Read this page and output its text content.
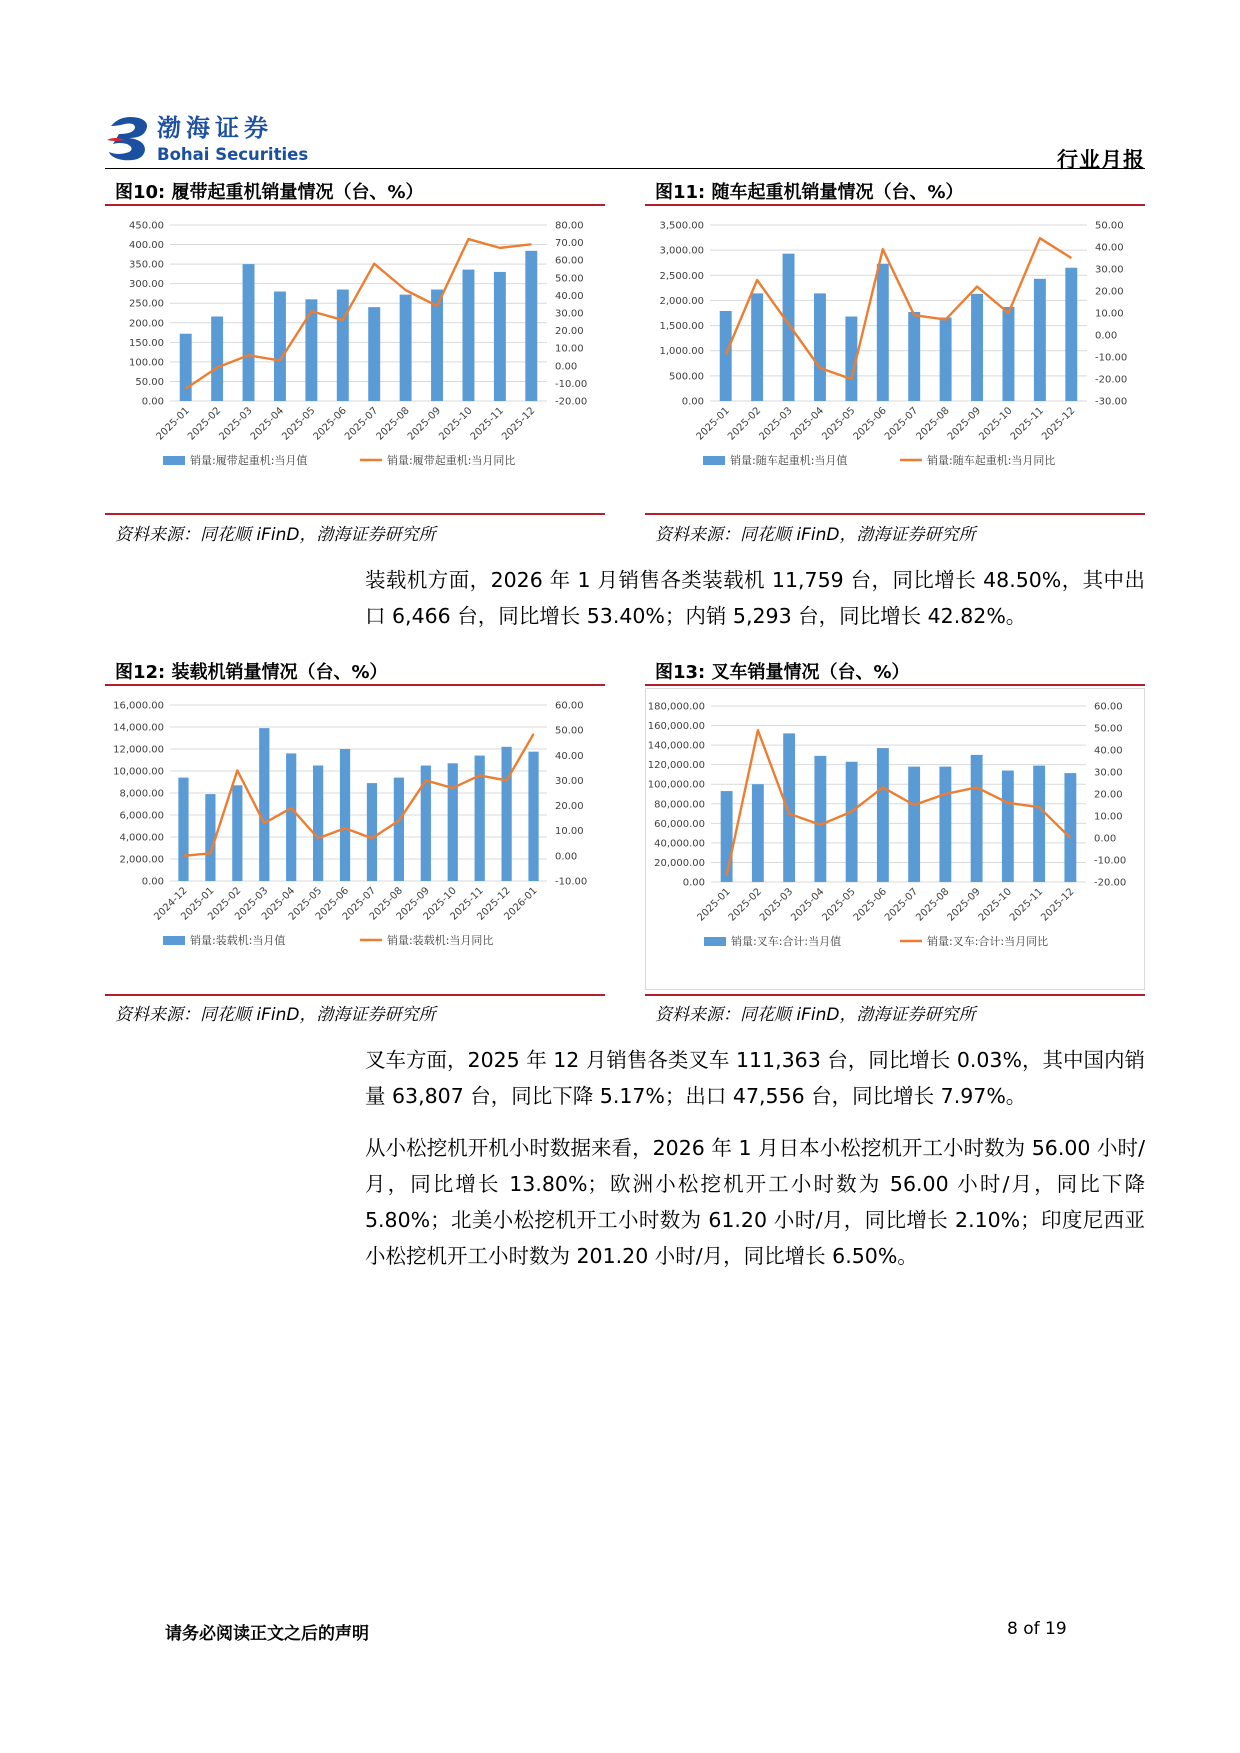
渤海证券
Bohai Securities	行业月报
图10: 履带起重机销量情况（台、%）
0.00
50.00
100.00
150.00
200.00
250.00
300.00
350.00
400.00
450.00
-20.00
-10.00
0.00
10.00
20.00
30.00
40.00
50.00
60.00
70.00
80.00
2025-01
2025-02
2025-03
2025-04
2025-05
2025-06
2025-07
2025-08
2025-09
2025-10
2025-11
2025-12
销量:履带起重机:当月值	销量:履带起重机:当月同比
资料来源：同花顺 iFinD，渤海证券研究所
图11: 随车起重机销量情况（台、%）
0.00
500.00
1,000.00
1,500.00
2,000.00
2,500.00
3,000.00
3,500.00
-30.00
-20.00
-10.00
0.00
10.00
20.00
30.00
40.00
50.00
2025-01
2025-02
2025-03
2025-04
2025-05
2025-06
2025-07
2025-08
2025-09
2025-10
2025-11
2025-12
销量:随车起重机:当月值	销量:随车起重机:当月同比
资料来源：同花顺 iFinD，渤海证券研究所
装载机方面，2026 年 1 月销售各类装载机 11,759 台，同比增长 48.50%，其中出口 6,466 台，同比增长 53.40%；内销 5,293 台，同比增长 42.82%。
图12: 装载机销量情况（台、%）
0.00
2,000.00
4,000.00
6,000.00
8,000.00
10,000.00
12,000.00
14,000.00
16,000.00
-10.00
0.00
10.00
20.00
30.00
40.00
50.00
60.00
2024-12
2025-01
2025-02
2025-03
2025-04
2025-05
2025-06
2025-07
2025-08
2025-09
2025-10
2025-11
2025-12
2026-01
销量:装载机:当月值	销量:装载机:当月同比
资料来源：同花顺 iFinD，渤海证券研究所
图13: 叉车销量情况（台、%）
0.00
20,000.00
40,000.00
60,000.00
80,000.00
100,000.00
120,000.00
140,000.00
160,000.00
180,000.00
-20.00
-10.00
0.00
10.00
20.00
30.00
40.00
50.00
60.00
2025-01
2025-02
2025-03
2025-04
2025-05
2025-06
2025-07
2025-08
2025-09
2025-10
2025-11
2025-12
销量:叉车:合计:当月值	销量:叉车:合计:当月同比
资料来源：同花顺 iFinD，渤海证券研究所
叉车方面，2025 年 12 月销售各类叉车 111,363 台，同比增长 0.03%，其中国内销量 63,807 台，同比下降 5.17%；出口 47,556 台，同比增长 7.97%。
从小松挖机开机小时数据来看，2026 年 1 月日本小松挖机开工小时数为 56.00 小时/月，同比增长 13.80%；欧洲小松挖机开工小时数为 56.00 小时/月，同比下降 5.80%；北美小松挖机开工小时数为 61.20 小时/月，同比增长 2.10%；印度尼西亚小松挖机开工小时数为 201.20 小时/月，同比增长 6.50%。
请务必阅读正文之后的声明	8 of 19
